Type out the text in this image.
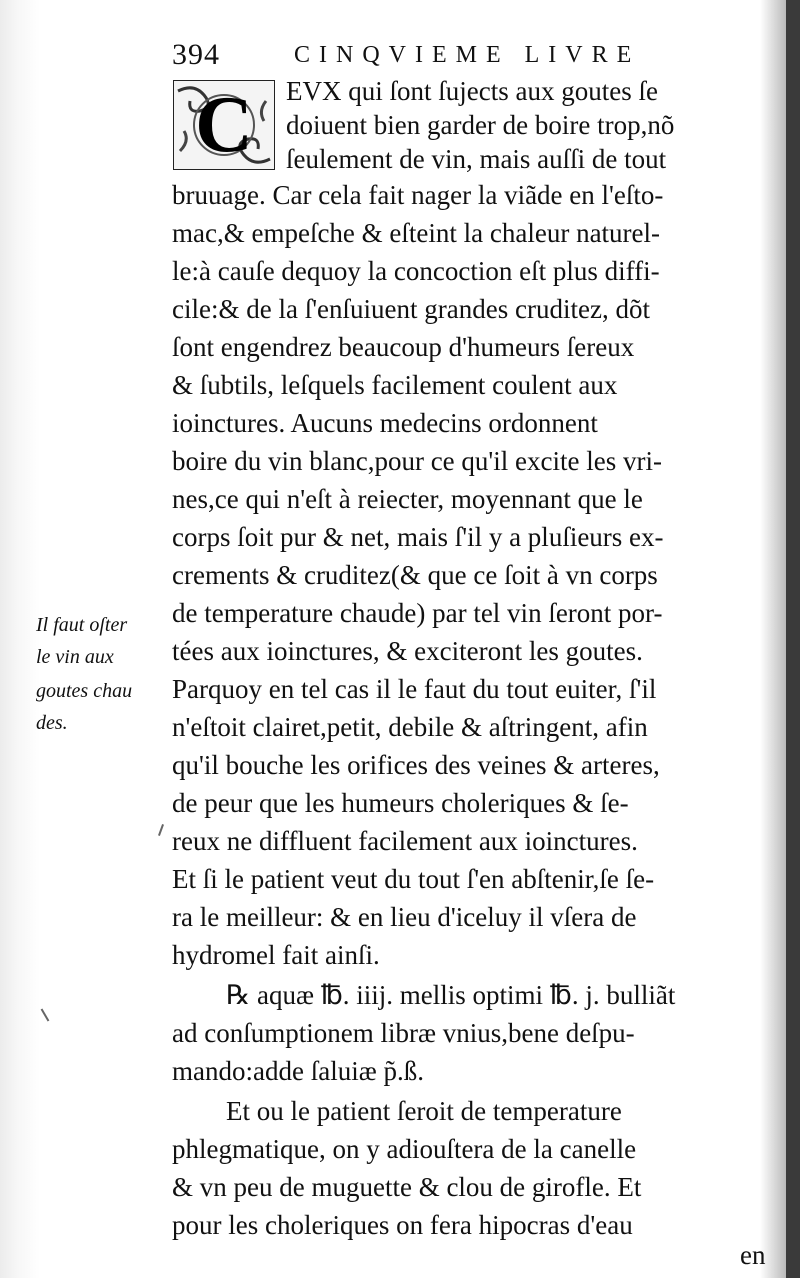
394	CINQVIEME LIVRE
C	EVX qui ſont ſujects aux goutes ſe
doiuent bien garder de boire trop,nõ
ſeulement de vin, mais auſſi de tout
bruuage. Car cela fait nager la viãde en l'eſto-
mac,& empeſche & eſteint la chaleur naturel-
le:à cauſe dequoy la concoction eſt plus diffi-
cile:& de la ſ'enſuiuent grandes cruditez, dõt
ſont engendrez beaucoup d'humeurs ſereux
& ſubtils, leſquels facilement coulent aux
ioinctures. Aucuns medecins ordonnent
boire du vin blanc,pour ce qu'il excite les vri-
nes,ce qui n'eſt à reiecter, moyennant que le
corps ſoit pur & net, mais ſ'il y a pluſieurs ex-
crements & cruditez(& que ce ſoit à vn corps
de temperature chaude) par tel vin ſeront por-
tées aux ioinctures, & exciteront les goutes.
Parquoy en tel cas il le faut du tout euiter, ſ'il
n'eſtoit clairet,petit, debile & aſtringent, afin
qu'il bouche les orifices des veines & arteres,
de peur que les humeurs choleriques & ſe-
reux ne diffluent facilement aux ioinctures.
Et ſi le patient veut du tout ſ'en abſtenir,ſe ſe-
ra le meilleur: & en lieu d'iceluy il vſera de
hydromel fait ainſi.
℞ aquæ ℔. iiij. mellis optimi ℔. j. bulliãt
ad conſumptionem libræ vnius,bene deſpu-
mando:adde ſaluiæ p̃.ß.
Et ou le patient ſeroit de temperature
phlegmatique, on y adiouſtera de la canelle
& vn peu de muguette & clou de girofle. Et
pour les choleriques on fera hipocras d'eau
en
Il faut oſter
le vin aux
goutes chau
des.
